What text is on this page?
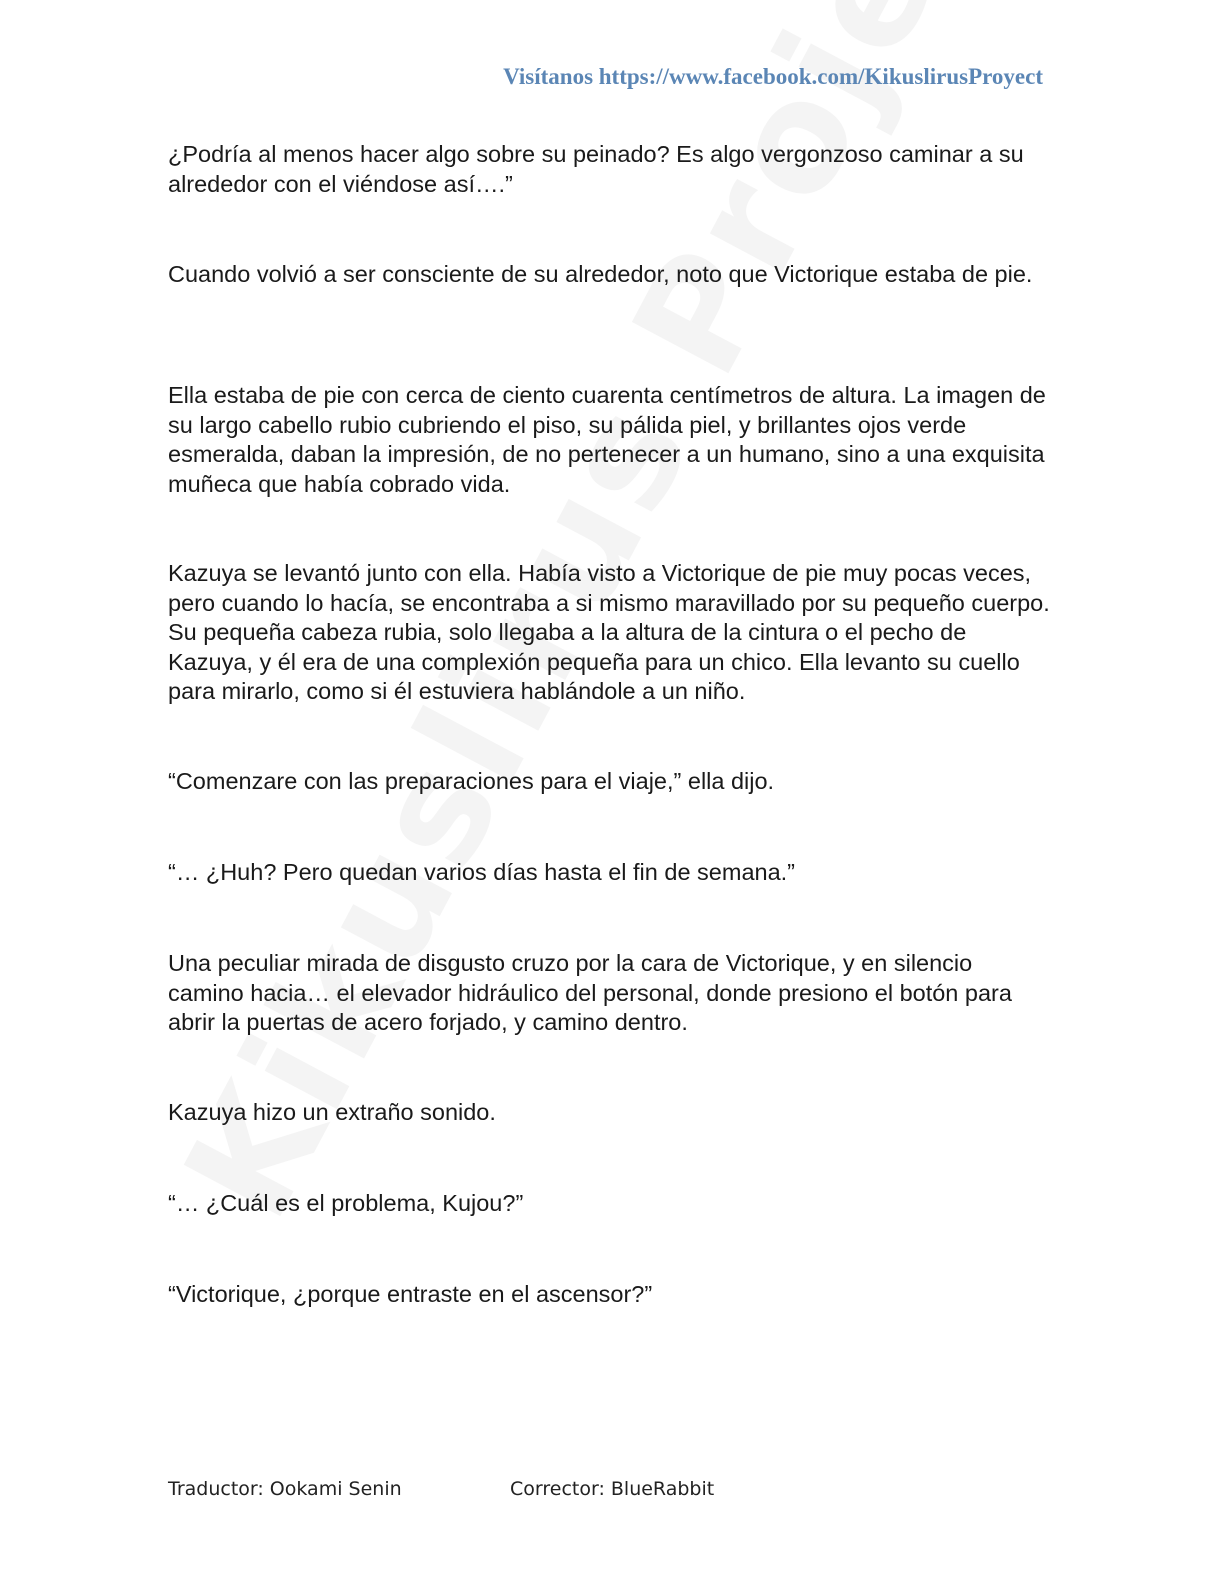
Visítanos https://www.facebook.com/KikuslirusProyect

¿Podría al menos hacer algo sobre su peinado? Es algo vergonzoso caminar a su alrededor con el viéndose así….”

Cuando volvió a ser consciente de su alrededor, noto que Victorique estaba de pie.

Ella estaba de pie con cerca de ciento cuarenta centímetros de altura. La imagen de su largo cabello rubio cubriendo el piso, su pálida piel, y brillantes ojos verde esmeralda, daban la impresión, de no pertenecer a un humano, sino a una exquisita muñeca que había cobrado vida.

Kazuya se levantó junto con ella. Había visto a Victorique de pie muy pocas veces, pero cuando lo hacía, se encontraba a si mismo maravillado por su pequeño cuerpo. Su pequeña cabeza rubia, solo llegaba a la altura de la cintura o el pecho de Kazuya, y él era de una complexión pequeña para un chico. Ella levanto su cuello para mirarlo, como si él estuviera hablándole a un niño.

“Comenzare con las preparaciones para el viaje,” ella dijo.

“… ¿Huh? Pero quedan varios días hasta el fin de semana.”

Una peculiar mirada de disgusto cruzo por la cara de Victorique, y en silencio camino hacia… el elevador hidráulico del personal, donde presiono el botón para abrir la puertas de acero forjado, y camino dentro.

Kazuya hizo un extraño sonido.

“… ¿Cuál es el problema, Kujou?”

“Victorique, ¿porque entraste en el ascensor?”

Traductor: Ookami Senin	Corrector: BlueRabbit
